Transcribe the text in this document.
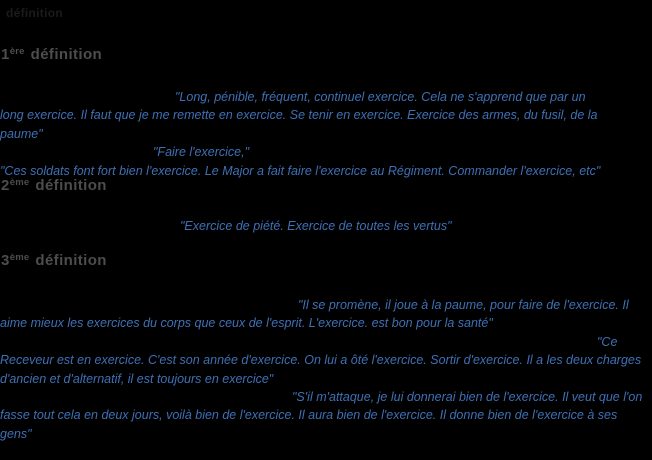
définition
1ère définition

"Long, pénible, fréquent, continuel exercice. Cela ne s'apprend que par un long exercice. Il faut que je me remette en exercice. Se tenir en exercice. Exercice des armes, du fusil, de la paume"

"Faire l'exercice,"

"Ces soldats font fort bien l'exercice. Le Major a fait faire l'exercice au Régiment. Commander l'exercice, etc"

2ème définition

"Exercice de piété. Exercice de toutes les vertus"

3ème définition

"Il se promène, il joue à la paume, pour faire de l'exercice. Il aime mieux les exercices du corps que ceux de l'esprit. L'exercice. est bon pour la santé"

"Ce Receveur est en exercice. C'est son année d'exercice. On lui a ôté l'exercice. Sortir d'exercice. Il a les deux charges d'ancien et d'alternatif, il est toujours en exercice"

"S'il m'attaque, je lui donnerai bien de l'exercice. Il veut que l'on fasse tout cela en deux jours, voilà bien de l'exercice. Il aura bien de l'exercice. Il donne bien de l'exercice à ses gens"
